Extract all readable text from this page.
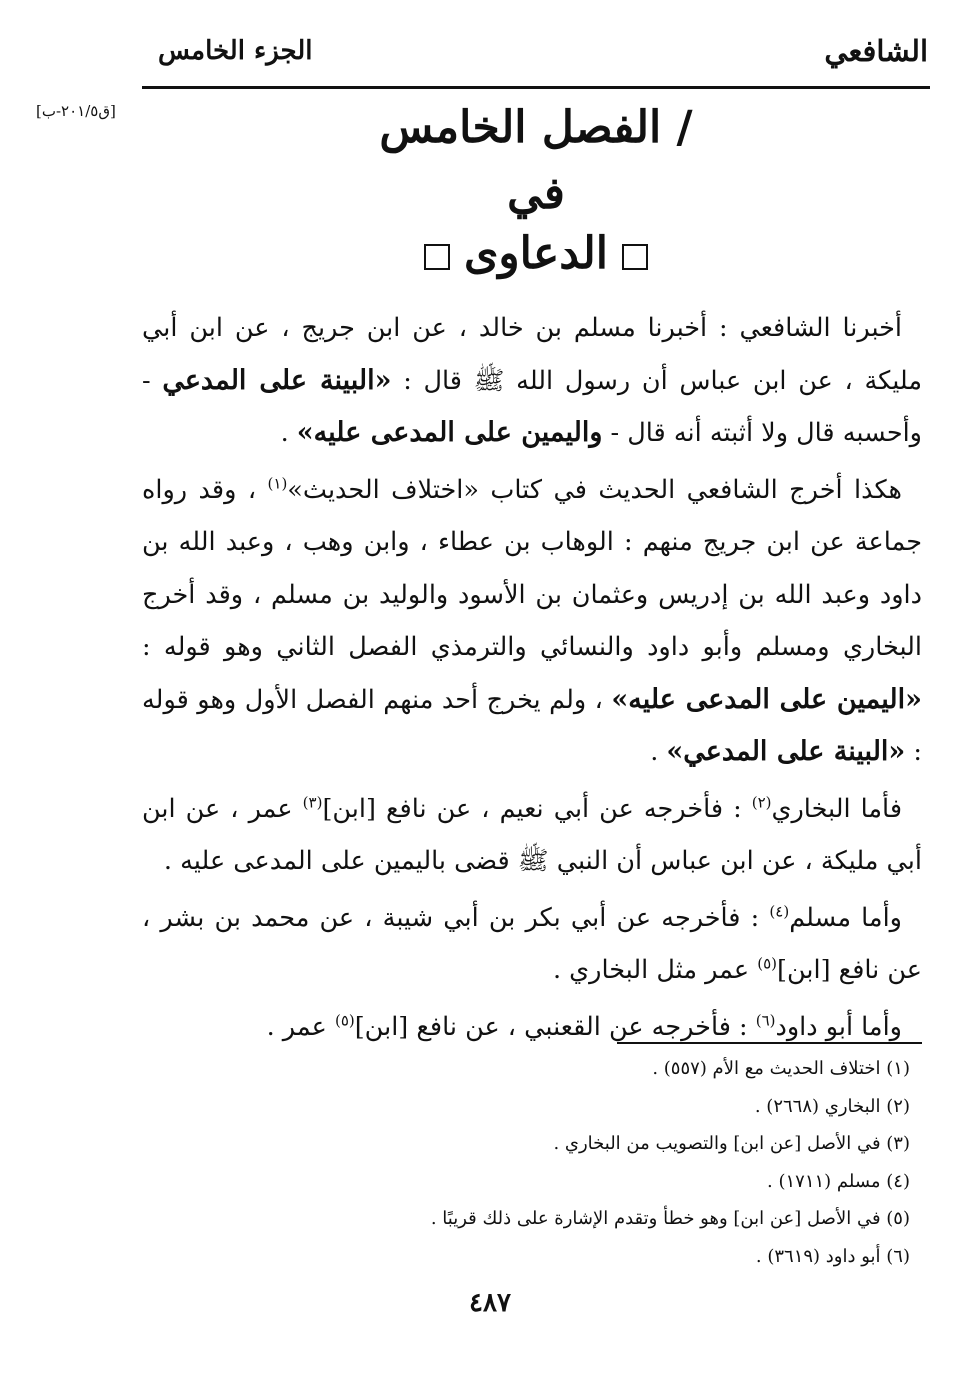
الشافعي
الجزء الخامس
[ق٢٠١/٥-ب]	/ الفصل الخامس
في
الدعاوى

أخبرنا الشافعي : أخبرنا مسلم بن خالد ، عن ابن جريج ، عن ابن أبي مليكة ، عن ابن عباس أن رسول الله ﷺ قال : «البينة على المدعي - وأحسبه قال ولا أثبته أنه قال - واليمين على المدعى عليه» .

هكذا أخرج الشافعي الحديث في كتاب «اختلاف الحديث»$^{(١)}$ ، وقد رواه جماعة عن ابن جريج منهم : الوهاب بن عطاء ، وابن وهب ، وعبد الله بن داود وعبد الله بن إدريس وعثمان بن الأسود والوليد بن مسلم ، وقد أخرج البخاري ومسلم وأبو داود والنسائي والترمذي الفصل الثاني وهو قوله : «اليمين على المدعى عليه» ، ولم يخرج أحد منهم الفصل الأول وهو قوله : «البينة على المدعي» .

فأما البخاري$^{(٢)}$ : فأخرجه عن أبي نعيم ، عن نافع [ابن]$^{(٣)}$ عمر ، عن ابن أبي مليكة ، عن ابن عباس أن النبي ﷺ قضى باليمين على المدعى عليه .

وأما مسلم$^{(٤)}$ : فأخرجه عن أبي بكر بن أبي شيبة ، عن محمد بن بشر ، عن نافع [ابن]$^{(٥)}$ عمر مثل البخاري .

وأما أبو داود$^{(٦)}$ : فأخرجه عن القعنبي ، عن نافع [ابن]$^{(٥)}$ عمر .

(١) اختلاف الحديث مع الأم (٥٥٧) .
(٢) البخاري (٢٦٦٨) .
(٣) في الأصل [عن ابن] والتصويب من البخاري .
(٤) مسلم (١٧١١) .
(٥) في الأصل [عن ابن] وهو خطأ وتقدم الإشارة على ذلك قريبًا .
(٦) أبو داود (٣٦١٩) .
٤٨٧
